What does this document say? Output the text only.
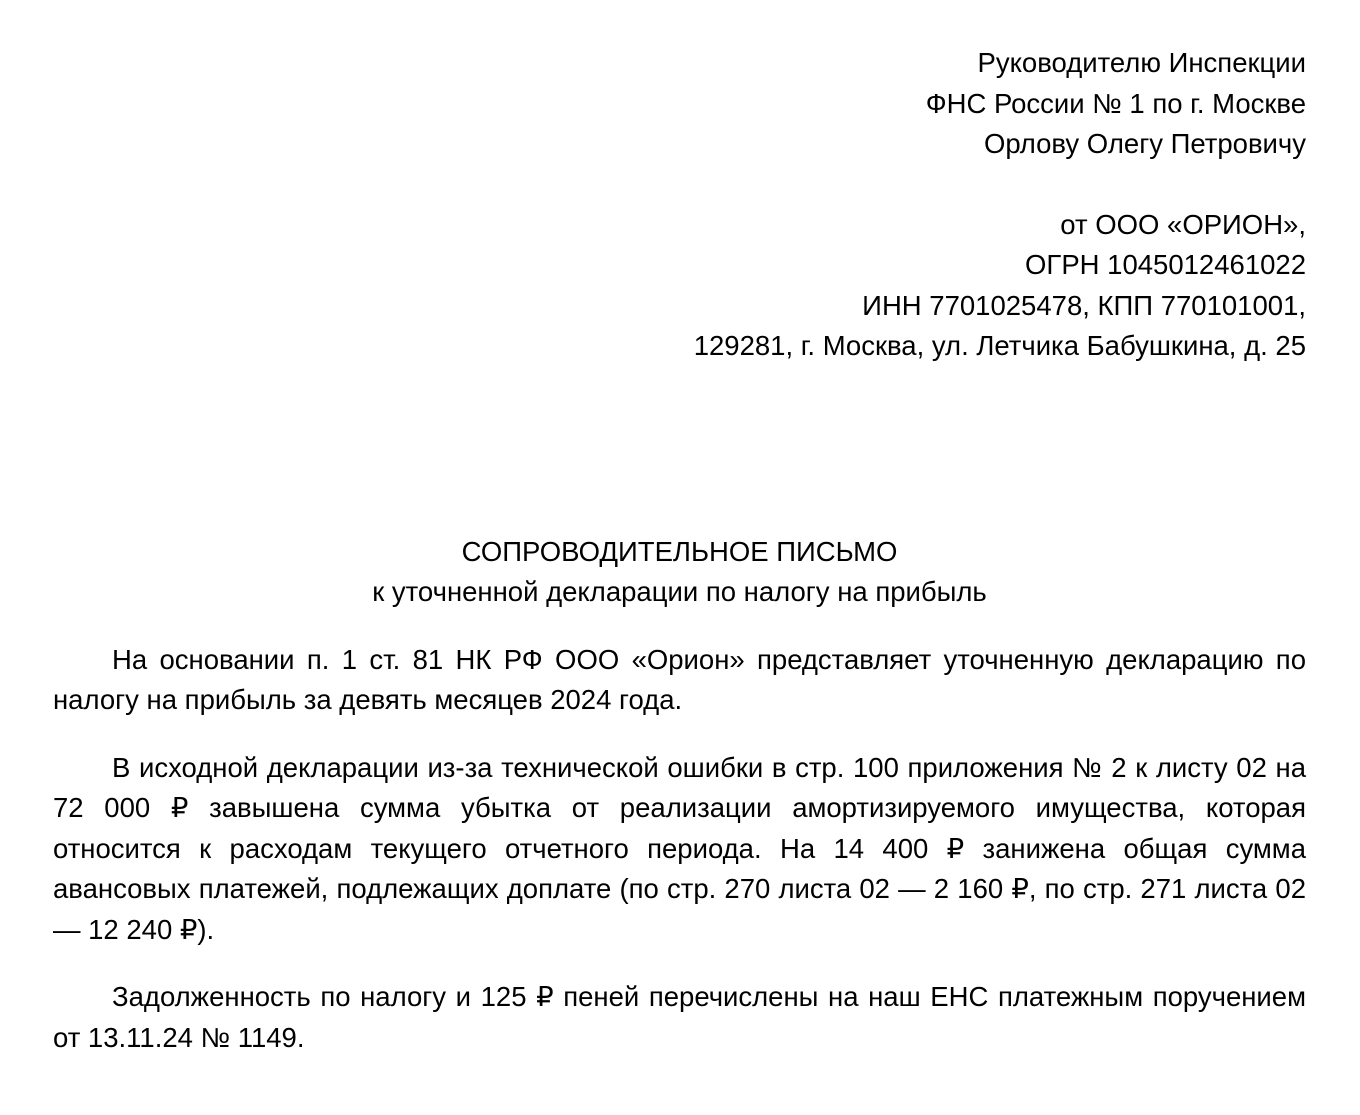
Руководителю Инспекции
ФНС России № 1 по г. Москве
Орлову Олегу Петровичу
от ООО «ОРИОН»,
ОГРН 1045012461022
ИНН 7701025478, КПП 770101001,
129281, г. Москва, ул. Летчика Бабушкина, д. 25
СОПРОВОДИТЕЛЬНОЕ ПИСЬМО
к уточненной декларации по налогу на прибыль

На основании п. 1 ст. 81 НК РФ ООО «Орион» представляет уточненную декларацию по налогу на прибыль за девять месяцев 2024 года.

В исходной декларации из-за технической ошибки в стр. 100 приложения № 2 к листу 02 на 72 000 ₽ завышена сумма убытка от реализации амортизируемого имущества, которая относится к расходам текущего отчетного периода. На 14 400 ₽ занижена общая сумма авансовых платежей, подлежащих доплате (по стр. 270 листа 02 — 2 160 ₽, по стр. 271 листа 02 — 12 240 ₽).

Задолженность по налогу и 125 ₽ пеней перечислены на наш ЕНС платежным поручением от 13.11.24 № 1149.
